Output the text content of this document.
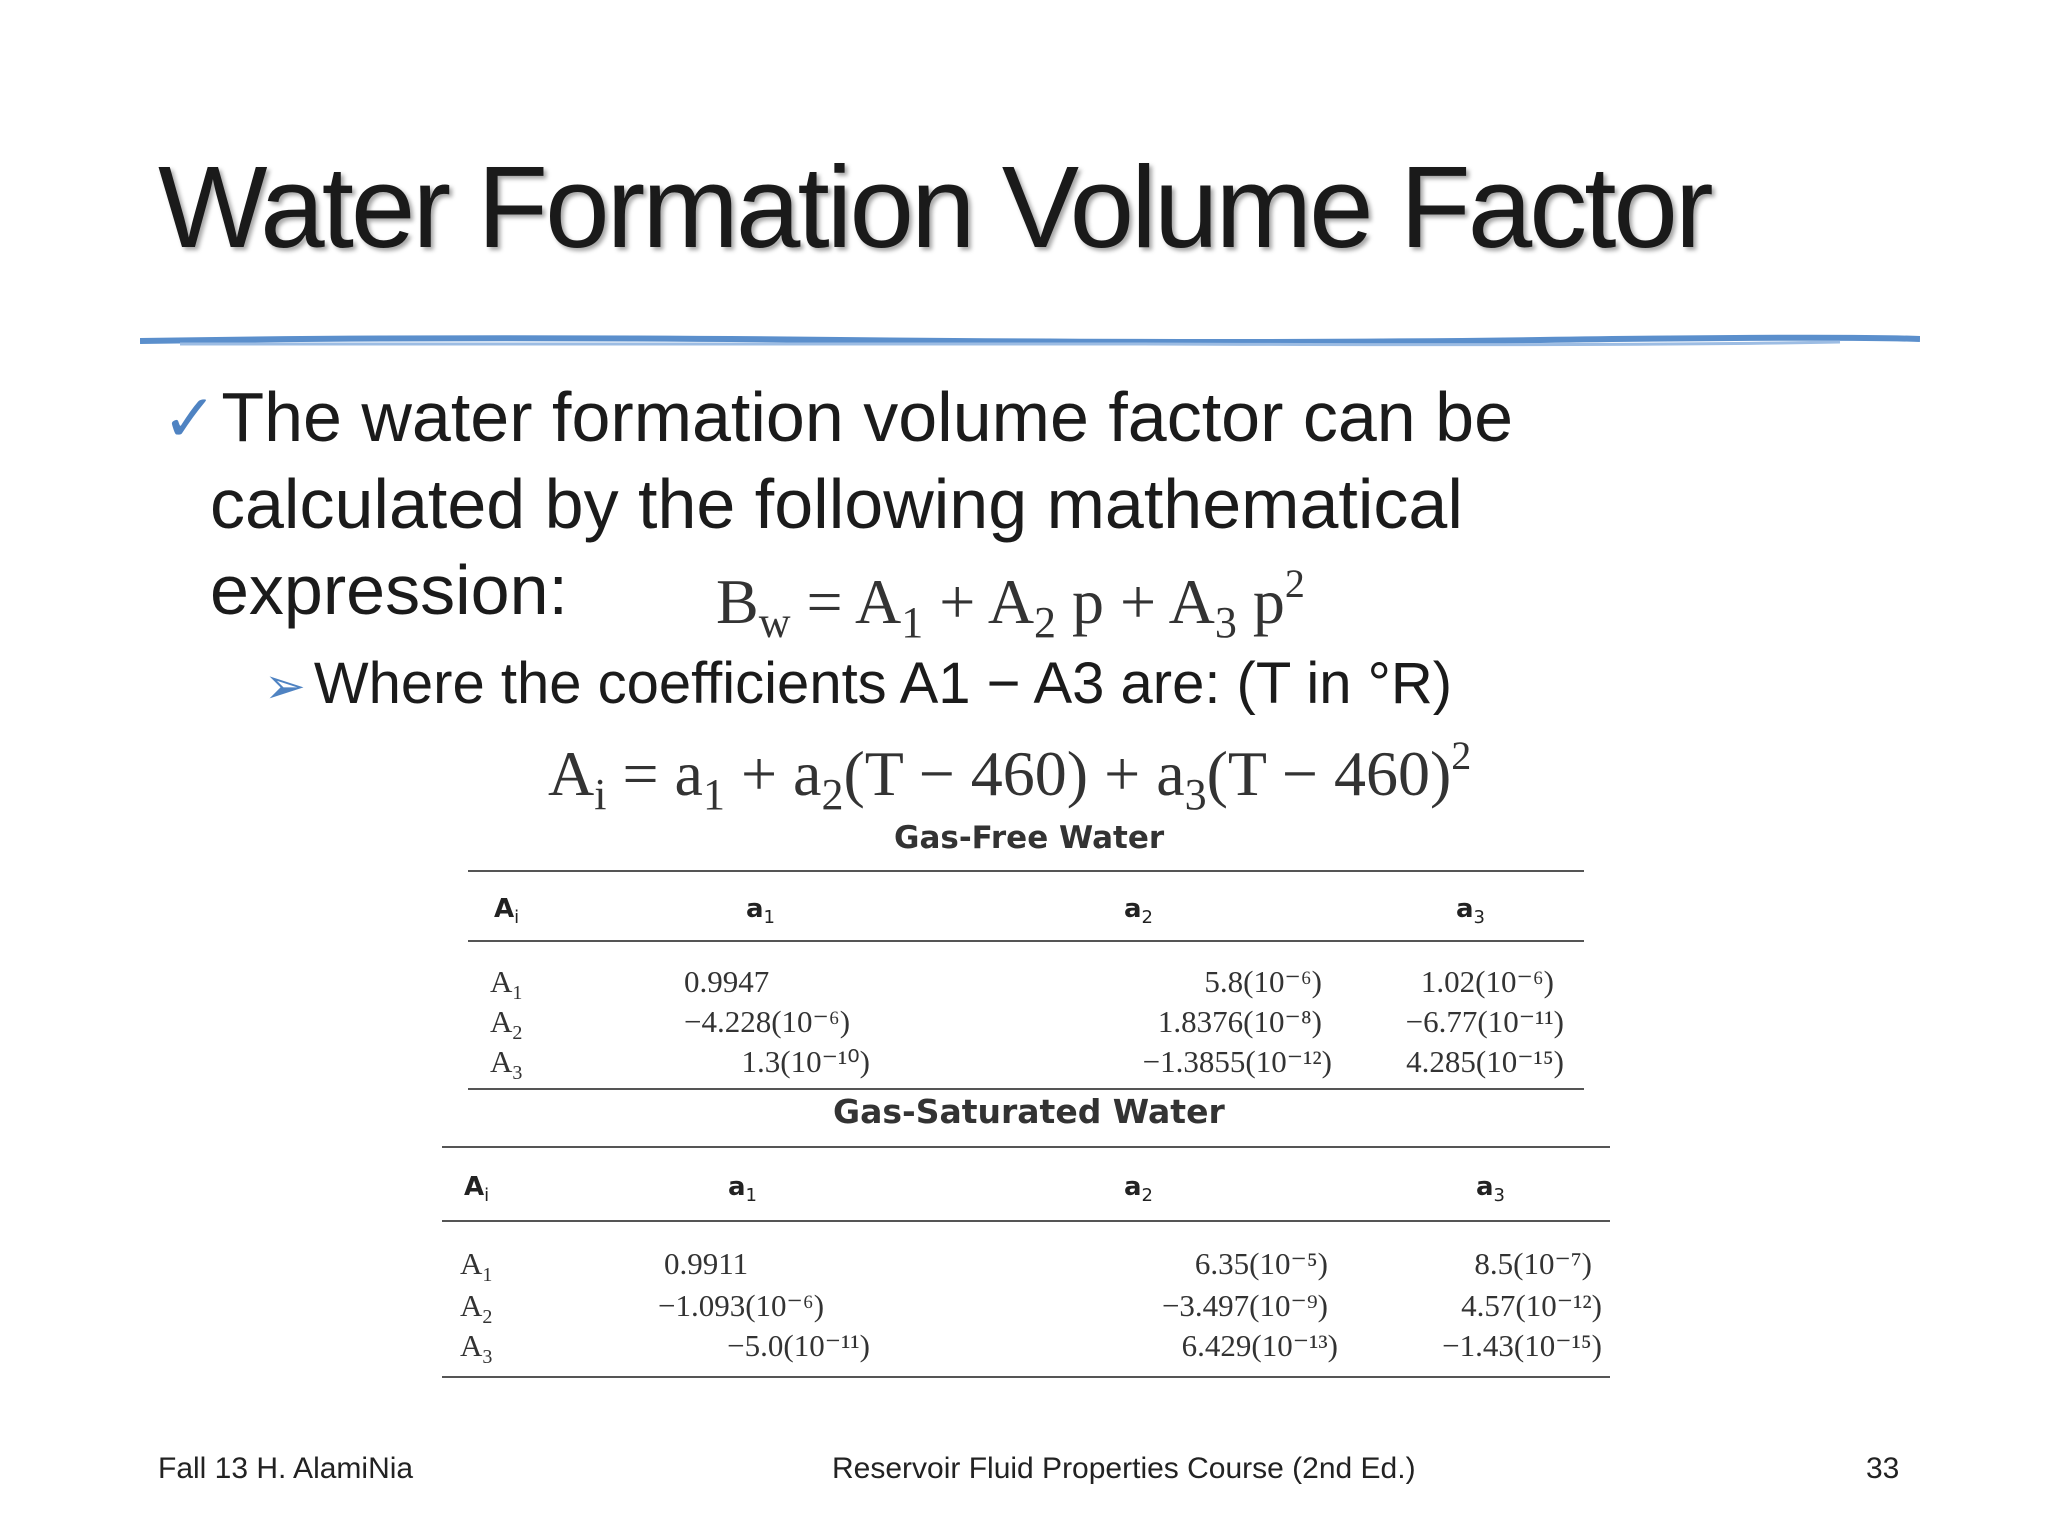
Water Formation Volume Factor
✓The water formation volume factor can be
calculated by the following mathematical
expression:	$B_w = A_1 + A_2$ $p + A_3$ $p^2$
➢ Where the coefficients A1 − A3 are: (T in °R)
$A_i = a_1 + a_2(T - 460) + a_3(T - 460)^2$
Gas-Free Water
$A_i$	$a_1$	$a_2$	$a_3$
$A_1$	0.9947	5.8(10⁻⁶)	1.02(10⁻⁶)
$A_2$	−4.228(10⁻⁶)	1.8376(10⁻⁸)	−6.77(10⁻¹¹)
$A_3$	1.3(10⁻¹⁰)	−1.3855(10⁻¹²)	4.285(10⁻¹⁵)
Gas-Saturated Water
$A_i$	$a_1$	$a_2$	$a_3$
$A_1$	0.9911	6.35(10⁻⁵)	8.5(10⁻⁷)
$A_2$	−1.093(10⁻⁶)	−3.497(10⁻⁹)	4.57(10⁻¹²)
$A_3$	−5.0(10⁻¹¹)	6.429(10⁻¹³)	−1.43(10⁻¹⁵)
Fall 13 H. AlamiNia	Reservoir Fluid Properties Course (2nd Ed.)	33
